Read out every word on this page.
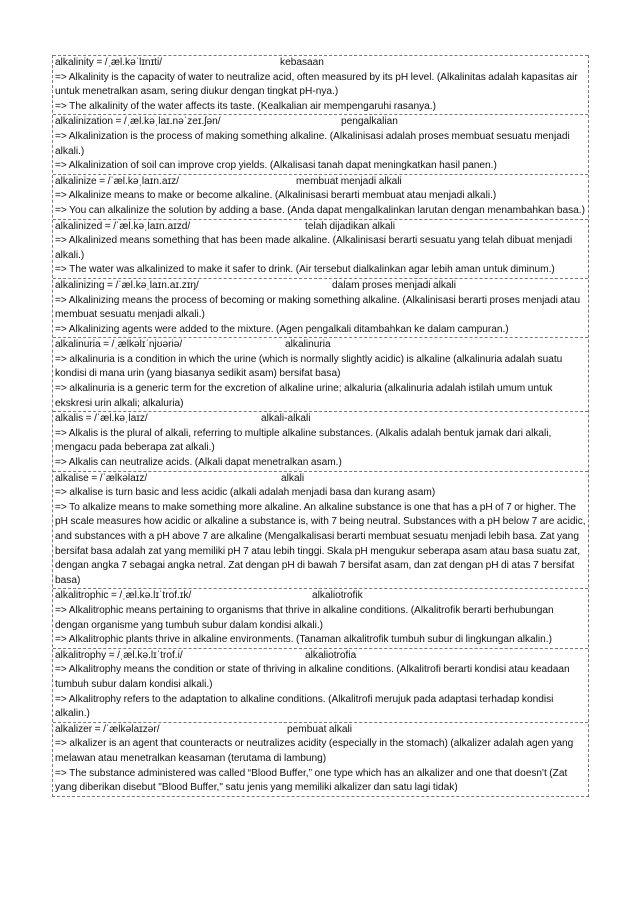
alkalinity = /ˌæl.kəˈlɪnɪti/	kebasaan

=> Alkalinity is the capacity of water to neutralize acid, often measured by its pH level. (Alkalinitas adalah kapasitas air untuk menetralkan asam, sering diukur dengan tingkat pH-nya.)

=> The alkalinity of the water affects its taste. (Kealkalian air mempengaruhi rasanya.)

alkalinization = /ˌæl.kəˌlaɪ.nəˈzeɪ.ʃən/	pengalkalian

=> Alkalinization is the process of making something alkaline. (Alkalinisasi adalah proses membuat sesuatu menjadi alkali.)

=> Alkalinization of soil can improve crop yields. (Alkalisasi tanah dapat meningkatkan hasil panen.)

alkalinize = /ˈæl.kəˌlaɪn.aɪz/	membuat menjadi alkali

=> Alkalinize means to make or become alkaline. (Alkalinisasi berarti membuat atau menjadi alkali.)

=> You can alkalinize the solution by adding a base. (Anda dapat mengalkalinkan larutan dengan menambahkan basa.)

alkalinized = /ˈæl.kəˌlaɪn.aɪzd/	telah dijadikan alkali

=> Alkalinized means something that has been made alkaline. (Alkalinisasi berarti sesuatu yang telah dibuat menjadi alkali.)

=> The water was alkalinized to make it safer to drink. (Air tersebut dialkalinkan agar lebih aman untuk diminum.)

alkalinizing = /ˈæl.kəˌlaɪn.aɪ.zɪŋ/	dalam proses menjadi alkali

=> Alkalinizing means the process of becoming or making something alkaline. (Alkalinisasi berarti proses menjadi atau membuat sesuatu menjadi alkali.)

=> Alkalinizing agents were added to the mixture. (Agen pengalkali ditambahkan ke dalam campuran.)

alkalinuria = /ˌælkəlɪˈnjʊəriə/	alkalinuria

=> alkalinuria is a condition in which the urine (which is normally slightly acidic) is alkaline (alkalinuria adalah suatu kondisi di mana urin (yang biasanya sedikit asam) bersifat basa)

=> alkalinuria is a generic term for the excretion of alkaline urine; alkaluria (alkalinuria adalah istilah umum untuk ekskresi urin alkali; alkaluria)

alkalis = /ˈæl.kəˌlaɪz/	alkali-alkali

=> Alkalis is the plural of alkali, referring to multiple alkaline substances. (Alkalis adalah bentuk jamak dari alkali, mengacu pada beberapa zat alkali.)

=> Alkalis can neutralize acids. (Alkali dapat menetralkan asam.)

alkalise = /ˈælkəlaɪz/	alkali

=> alkalise is turn basic and less acidic (alkali adalah menjadi basa dan kurang asam)

=> To alkalize means to make something more alkaline. An alkaline substance is one that has a pH of 7 or higher. The pH scale measures how acidic or alkaline a substance is, with 7 being neutral. Substances with a pH below 7 are acidic, and substances with a pH above 7 are alkaline (Mengalkalisasi berarti membuat sesuatu menjadi lebih basa. Zat yang bersifat basa adalah zat yang memiliki pH 7 atau lebih tinggi. Skala pH mengukur seberapa asam atau basa suatu zat, dengan angka 7 sebagai angka netral. Zat dengan pH di bawah 7 bersifat asam, dan zat dengan pH di atas 7 bersifat basa)

alkalitrophic = /ˌæl.kə.lɪˈtrof.ɪk/	alkaliotrofik

=> Alkalitrophic means pertaining to organisms that thrive in alkaline conditions. (Alkalitrofik berarti berhubungan dengan organisme yang tumbuh subur dalam kondisi alkali.)

=> Alkalitrophic plants thrive in alkaline environments. (Tanaman alkalitrofik tumbuh subur di lingkungan alkalin.)

alkalitrophy = /ˌæl.kə.lɪˈtrof.i/	alkaliotrofia

=> Alkalitrophy means the condition or state of thriving in alkaline conditions. (Alkalitrofi berarti kondisi atau keadaan tumbuh subur dalam kondisi alkali.)

=> Alkalitrophy refers to the adaptation to alkaline conditions. (Alkalitrofi merujuk pada adaptasi terhadap kondisi alkalin.)

alkalizer = /ˈælkəlaɪzər/	pembuat alkali

=> alkalizer is an agent that counteracts or neutralizes acidity (especially in the stomach) (alkalizer adalah agen yang melawan atau menetralkan keasaman (terutama di lambung)

=> The substance administered was called “Blood Buffer,” one type which has an alkalizer and one that doesn't (Zat yang diberikan disebut "Blood Buffer," satu jenis yang memiliki alkalizer dan satu lagi tidak)
